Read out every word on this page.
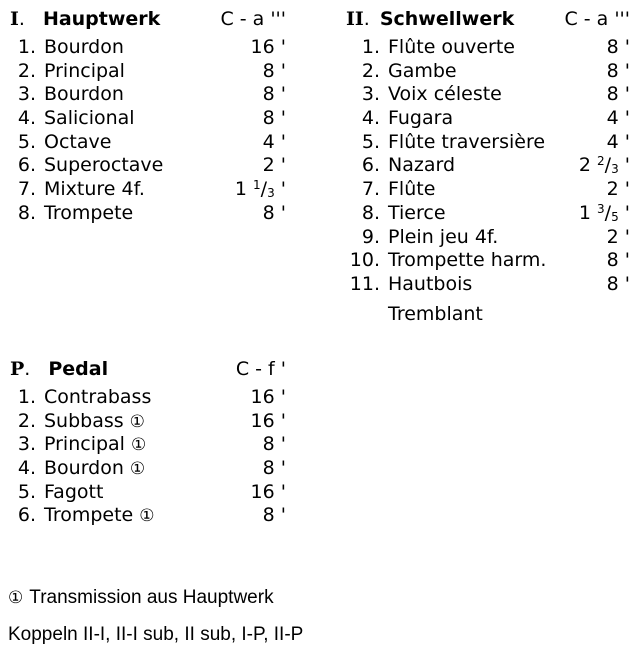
I . Hauptwerk	C - a '''
1. Bourdon	16 '
2. Principal	8 '
3. Bourdon	8 '
4. Salicional	8 '
5. Octave	4 '
6. Superoctave	2 '
7. Mixture 4f.	1 $^1/_3$ '
8. Trompete	8 '
II . Schwellwerk	C - a '''
1. Flûte ouverte	8 '
2. Gambe	8 '
3. Voix céleste	8 '
4. Fugara	4 '
5. Flûte traversière	4 '
6. Nazard	2 $^2/_3$ '
7. Flûte	2 '
8. Tierce	1 $^3/_5$ '
9. Plein jeu 4f.	2 '
10. Trompette harm.	8 '
11. Hautbois	8 '
Tremblant
P . Pedal	C - f '
1. Contrabass	16 '
2. Subbass ①	16 '
3. Principal ①	8 '
4. Bourdon ①	8 '
5. Fagott	16 '
6. Trompete ①	8 '
① Transmission aus Hauptwerk
Koppeln II-I, II-I sub, II sub, I-P, II-P
